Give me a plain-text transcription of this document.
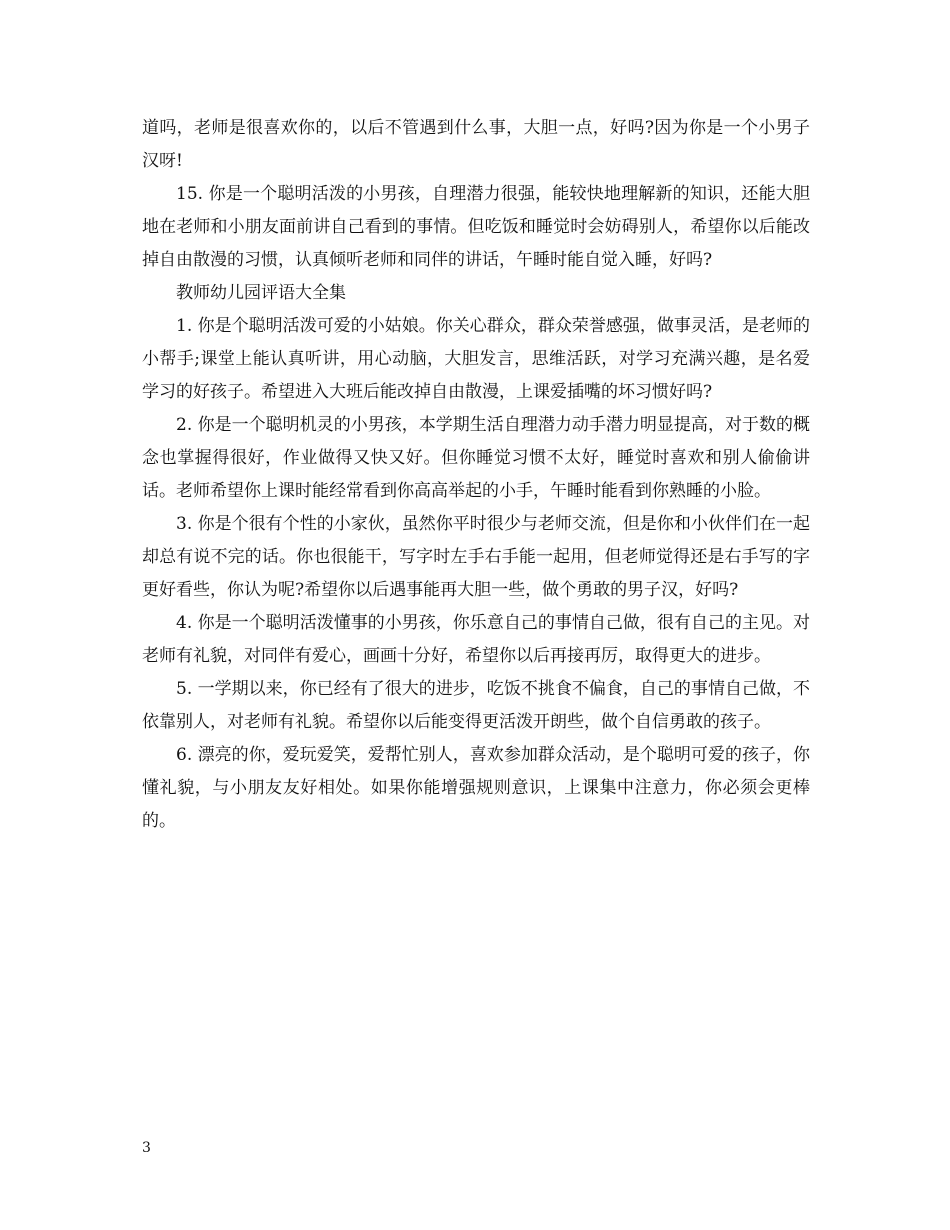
道吗，老师是很喜欢你的，以后不管遇到什么事，大胆一点，好吗?因为你是一个小男子汉呀!

15. 你是一个聪明活泼的小男孩，自理潜力很强，能较快地理解新的知识，还能大胆地在老师和小朋友面前讲自己看到的事情。但吃饭和睡觉时会妨碍别人，希望你以后能改掉自由散漫的习惯，认真倾听老师和同伴的讲话，午睡时能自觉入睡，好吗?

教师幼儿园评语大全集

1. 你是个聪明活泼可爱的小姑娘。你关心群众，群众荣誉感强，做事灵活，是老师的小帮手;课堂上能认真听讲，用心动脑，大胆发言，思维活跃，对学习充满兴趣，是名爱学习的好孩子。希望进入大班后能改掉自由散漫，上课爱插嘴的坏习惯好吗?

2. 你是一个聪明机灵的小男孩，本学期生活自理潜力动手潜力明显提高，对于数的概念也掌握得很好，作业做得又快又好。但你睡觉习惯不太好，睡觉时喜欢和别人偷偷讲话。老师希望你上课时能经常看到你高高举起的小手，午睡时能看到你熟睡的小脸。

3. 你是个很有个性的小家伙，虽然你平时很少与老师交流，但是你和小伙伴们在一起却总有说不完的话。你也很能干，写字时左手右手能一起用，但老师觉得还是右手写的字更好看些，你认为呢?希望你以后遇事能再大胆一些，做个勇敢的男子汉，好吗?

4. 你是一个聪明活泼懂事的小男孩，你乐意自己的事情自己做，很有自己的主见。对老师有礼貌，对同伴有爱心，画画十分好，希望你以后再接再厉，取得更大的进步。

5. 一学期以来，你已经有了很大的进步，吃饭不挑食不偏食，自己的事情自己做，不依靠别人，对老师有礼貌。希望你以后能变得更活泼开朗些，做个自信勇敢的孩子。

6. 漂亮的你，爱玩爱笑，爱帮忙别人，喜欢参加群众活动，是个聪明可爱的孩子，你懂礼貌，与小朋友友好相处。如果你能增强规则意识，上课集中注意力，你必须会更棒的。

3
